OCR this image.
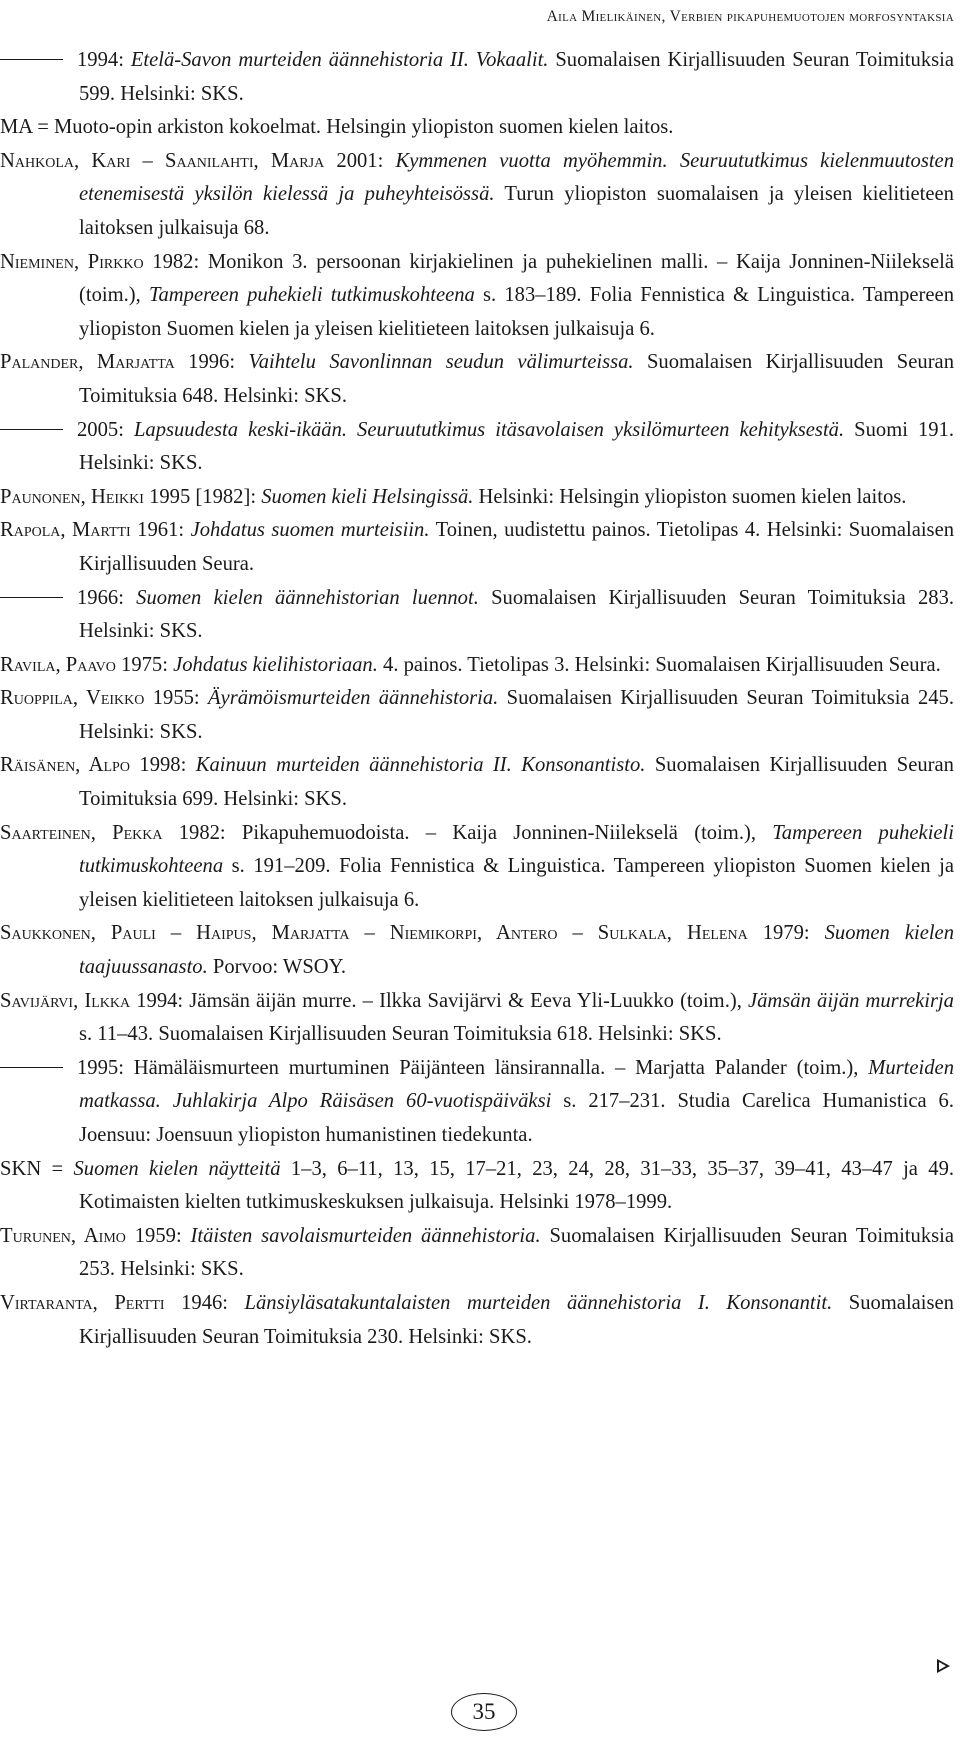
Aila Mielikäinen, Verbien pikapuhemuotojen morfosyntaksia

1994: Etelä-Savon murteiden äännehistoria II. Vokaalit. Suomalaisen Kirjallisuuden Seuran Toimituksia 599. Helsinki: SKS.

MA = Muoto-opin arkiston kokoelmat. Helsingin yliopiston suomen kielen laitos.

Nahkola, Kari – Saanilahti, Marja 2001: Kymmenen vuotta myöhemmin. Seuruututkimus kielenmuutosten etenemisestä yksilön kielessä ja puheyhteisössä. Turun yliopiston suomalaisen ja yleisen kielitieteen laitoksen julkaisuja 68.

Nieminen, Pirkko 1982: Monikon 3. persoonan kirjakielinen ja puhekielinen malli. – Kaija Jonninen-Niilekselä (toim.), Tampereen puhekieli tutkimuskohteena s. 183–189. Folia Fennistica & Linguistica. Tampereen yliopiston Suomen kielen ja yleisen kielitieteen laitoksen julkaisuja 6.

Palander, Marjatta 1996: Vaihtelu Savonlinnan seudun välimurteissa. Suomalaisen Kirjallisuuden Seuran Toimituksia 648. Helsinki: SKS.

2005: Lapsuudesta keski-ikään. Seuruututkimus itäsavolaisen yksilömurteen kehityksestä. Suomi 191. Helsinki: SKS.

Paunonen, Heikki 1995 [1982]: Suomen kieli Helsingissä. Helsinki: Helsingin yliopiston suomen kielen laitos.

Rapola, Martti 1961: Johdatus suomen murteisiin. Toinen, uudistettu painos. Tietolipas 4. Helsinki: Suomalaisen Kirjallisuuden Seura.

1966: Suomen kielen äännehistorian luennot. Suomalaisen Kirjallisuuden Seuran Toimituksia 283. Helsinki: SKS.

Ravila, Paavo 1975: Johdatus kielihistoriaan. 4. painos. Tietolipas 3. Helsinki: Suomalaisen Kirjallisuuden Seura.

Ruoppila, Veikko 1955: Äyrämöismurteiden äännehistoria. Suomalaisen Kirjallisuuden Seuran Toimituksia 245. Helsinki: SKS.

Räisänen, Alpo 1998: Kainuun murteiden äännehistoria II. Konsonantisto. Suomalaisen Kirjallisuuden Seuran Toimituksia 699. Helsinki: SKS.

Saarteinen, Pekka 1982: Pikapuhemuodoista. – Kaija Jonninen-Niilekselä (toim.), Tampereen puhekieli tutkimuskohteena s. 191–209. Folia Fennistica & Linguistica. Tampereen yliopiston Suomen kielen ja yleisen kielitieteen laitoksen julkaisuja 6.

Saukkonen, Pauli – Haipus, Marjatta – Niemikorpi, Antero – Sulkala, Helena 1979: Suomen kielen taajuussanasto. Porvoo: WSOY.

Savijärvi, Ilkka 1994: Jämsän äijän murre. – Ilkka Savijärvi & Eeva Yli-Luukko (toim.), Jämsän äijän murrekirja s. 11–43. Suomalaisen Kirjallisuuden Seuran Toimituksia 618. Helsinki: SKS.

1995: Hämäläismurteen murtuminen Päijänteen länsirannalla. – Marjatta Palander (toim.), Murteiden matkassa. Juhlakirja Alpo Räisäsen 60-vuotispäiväksi s. 217–231. Studia Carelica Humanistica 6. Joensuu: Joensuun yliopiston humanistinen tiedekunta.

SKN = Suomen kielen näytteitä 1–3, 6–11, 13, 15, 17–21, 23, 24, 28, 31–33, 35–37, 39–41, 43–47 ja 49. Kotimaisten kielten tutkimuskeskuksen julkaisuja. Helsinki 1978–1999.

Turunen, Aimo 1959: Itäisten savolaismurteiden äännehistoria. Suomalaisen Kirjallisuuden Seuran Toimituksia 253. Helsinki: SKS.

Virtaranta, Pertti 1946: Länsiyläsatakuntalaisten murteiden äännehistoria I. Konsonantit. Suomalaisen Kirjallisuuden Seuran Toimituksia 230. Helsinki: SKS.

35
